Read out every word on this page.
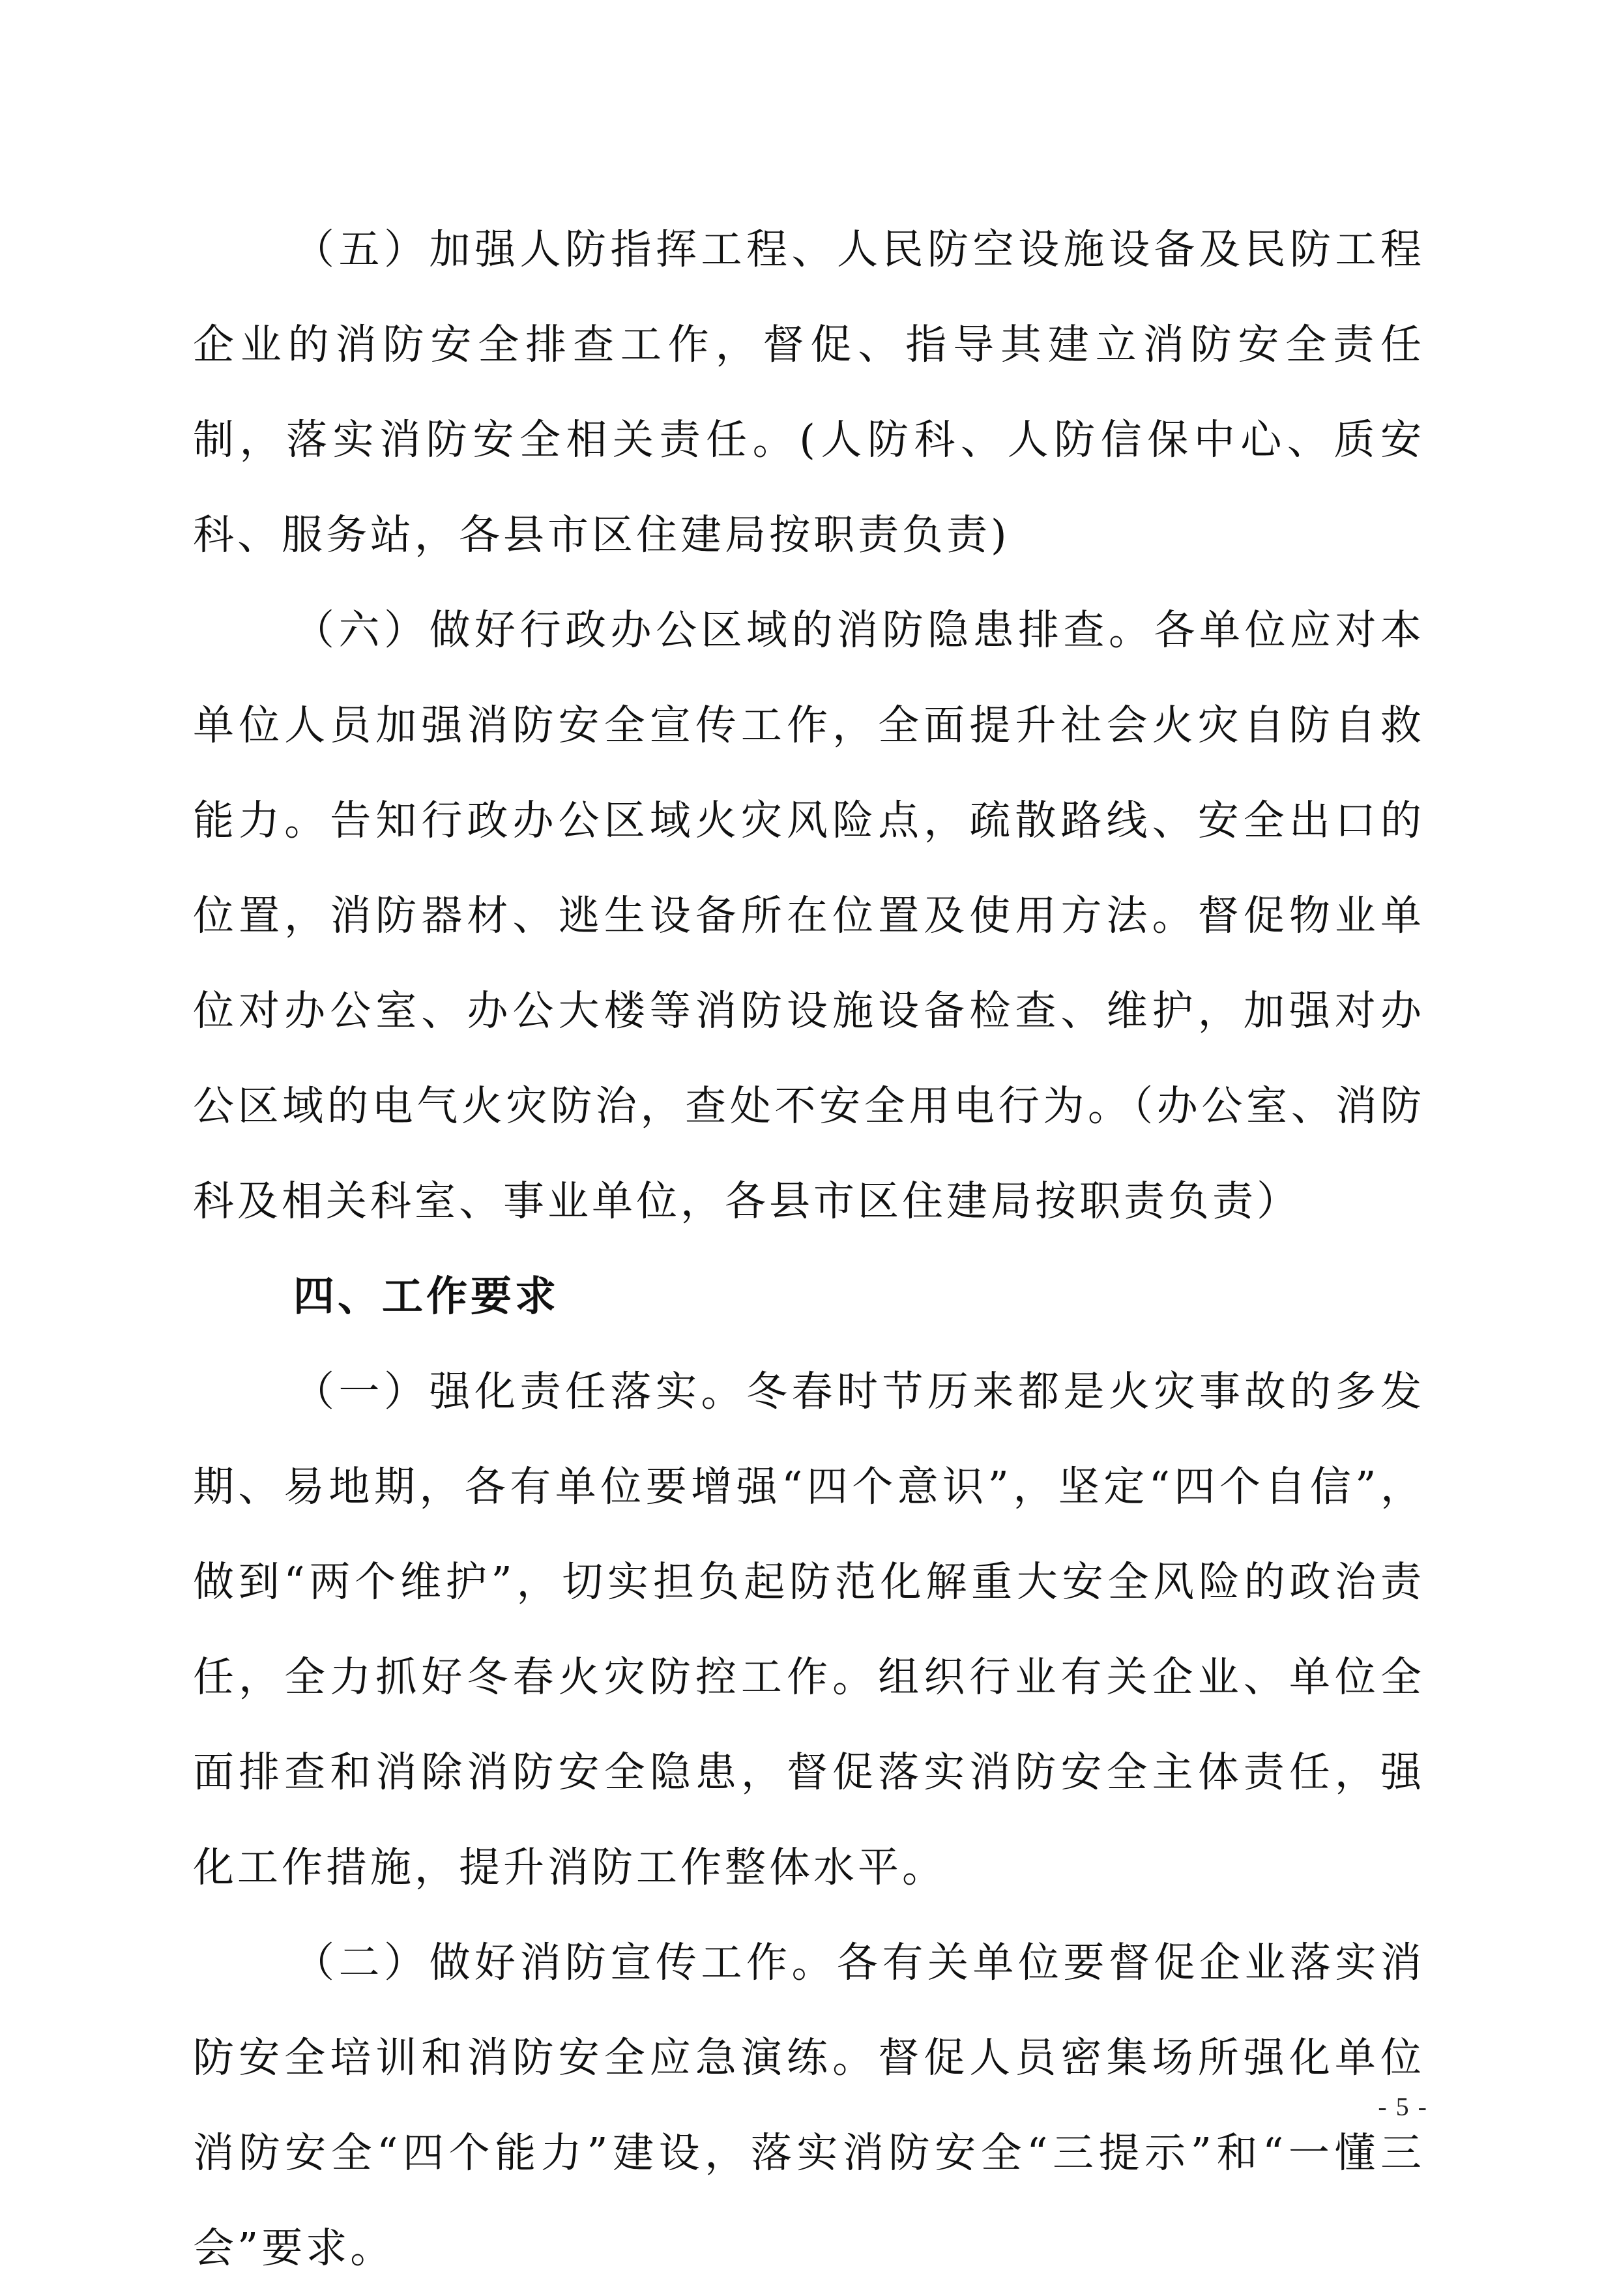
（五）加强人防指挥工程、人民防空设施设备及民防工程企业的消防安全排查工作，督促、指导其建立消防安全责任制，落实消防安全相关责任。(人防科、人防信保中心、质安科、服务站，各县市区住建局按职责负责)

（六）做好行政办公区域的消防隐患排查。各单位应对本单位人员加强消防安全宣传工作，全面提升社会火灾自防自救能力。告知行政办公区域火灾风险点，疏散路线、安全出口的位置，消防器材、逃生设备所在位置及使用方法。督促物业单位对办公室、办公大楼等消防设施设备检查、维护，加强对办公区域的电气火灾防治，查处不安全用电行为。（办公室、消防科及相关科室、事业单位，各县市区住建局按职责负责）

四、工作要求

（一）强化责任落实。冬春时节历来都是火灾事故的多发期、易地期，各有单位要增强“四个意识”，坚定“四个自信”，做到“两个维护”，切实担负起防范化解重大安全风险的政治责任，全力抓好冬春火灾防控工作。组织行业有关企业、单位全面排查和消除消防安全隐患，督促落实消防安全主体责任，强化工作措施，提升消防工作整体水平。

（二）做好消防宣传工作。各有关单位要督促企业落实消防安全培训和消防安全应急演练。督促人员密集场所强化单位消防安全“四个能力”建设，落实消防安全“三提示”和“一懂三会”要求。

- 5 -
